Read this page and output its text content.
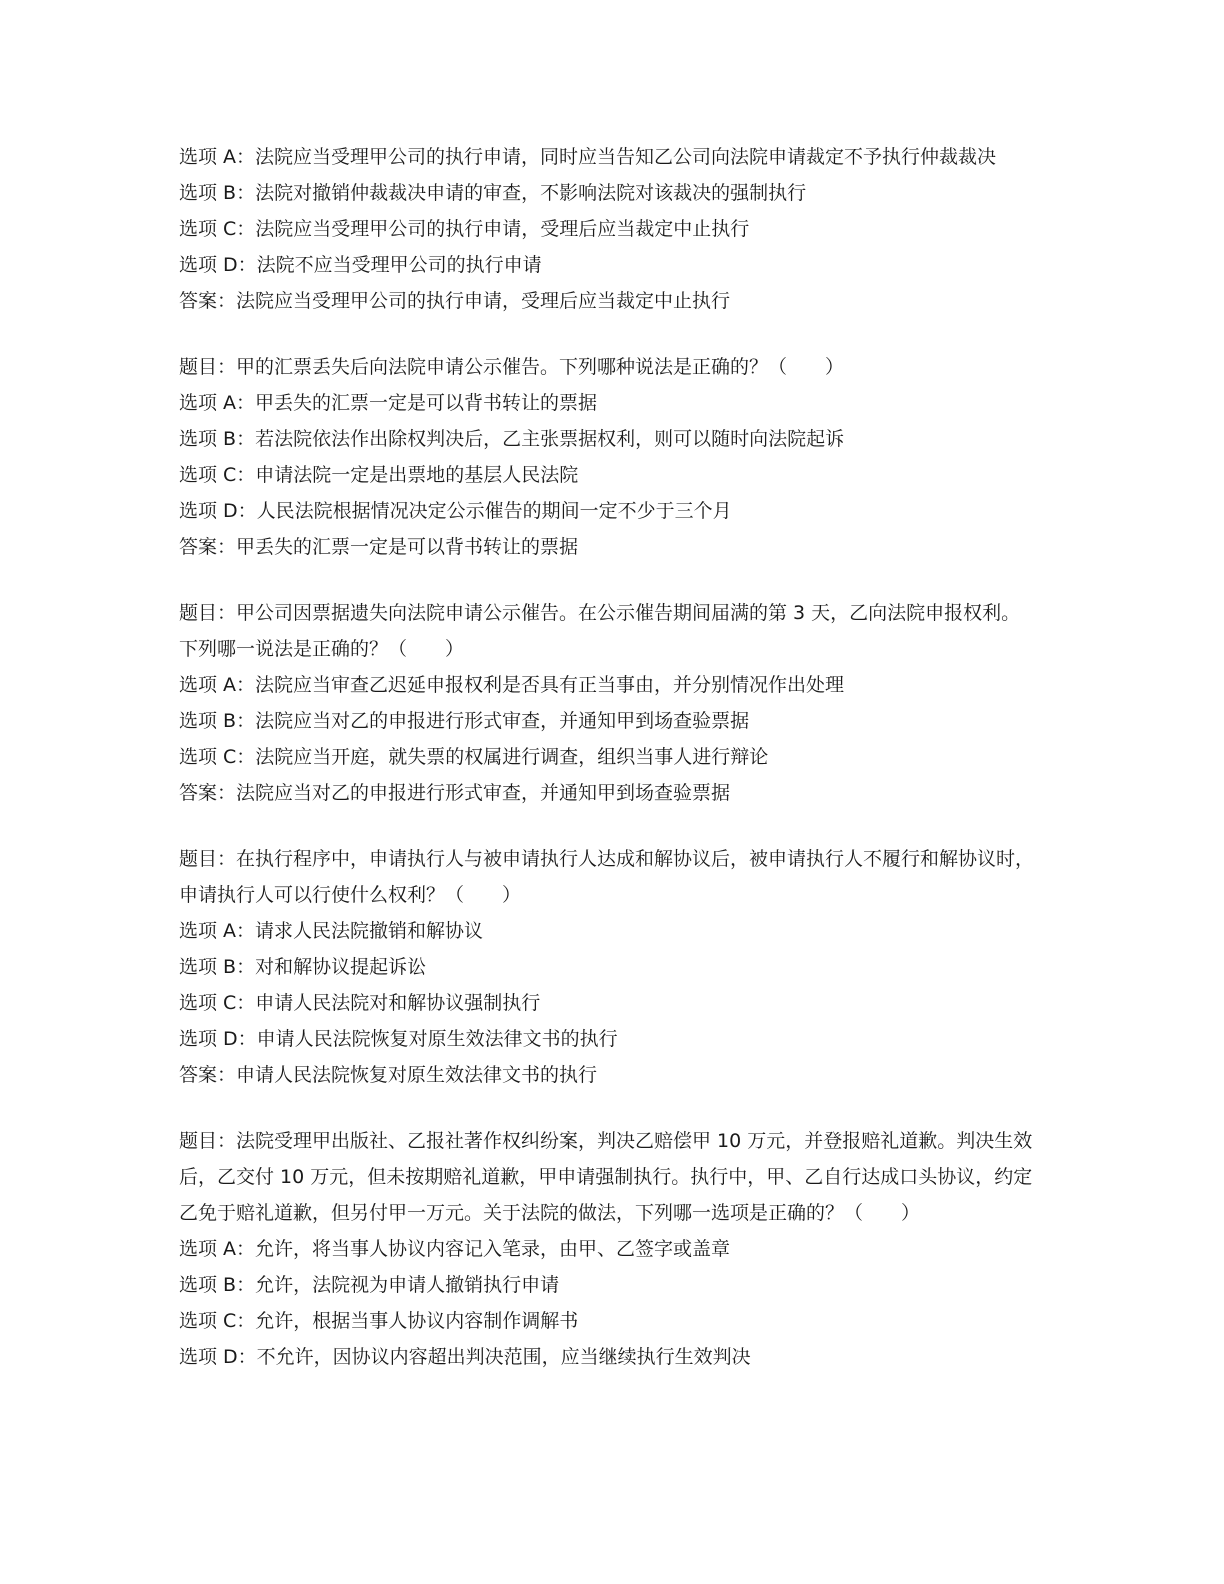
选项 A：法院应当受理甲公司的执行申请，同时应当告知乙公司向法院申请裁定不予执行仲裁裁决

选项 B：法院对撤销仲裁裁决申请的审查，不影响法院对该裁决的强制执行

选项 C：法院应当受理甲公司的执行申请，受理后应当裁定中止执行

选项 D：法院不应当受理甲公司的执行申请

答案：法院应当受理甲公司的执行申请，受理后应当裁定中止执行

题目：甲的汇票丢失后向法院申请公示催告。下列哪种说法是正确的？（　　）

选项 A：甲丢失的汇票一定是可以背书转让的票据

选项 B：若法院依法作出除权判决后，乙主张票据权利，则可以随时向法院起诉

选项 C：申请法院一定是出票地的基层人民法院

选项 D：人民法院根据情况决定公示催告的期间一定不少于三个月

答案：甲丢失的汇票一定是可以背书转让的票据

题目：甲公司因票据遗失向法院申请公示催告。在公示催告期间届满的第 3 天，乙向法院申报权利。下列哪一说法是正确的？（　　）

选项 A：法院应当审查乙迟延申报权利是否具有正当事由，并分别情况作出处理

选项 B：法院应当对乙的申报进行形式审查，并通知甲到场查验票据

选项 C：法院应当开庭，就失票的权属进行调查，组织当事人进行辩论

答案：法院应当对乙的申报进行形式审查，并通知甲到场查验票据

题目：在执行程序中，申请执行人与被申请执行人达成和解协议后，被申请执行人不履行和解协议时，申请执行人可以行使什么权利？（　　）

选项 A：请求人民法院撤销和解协议

选项 B：对和解协议提起诉讼

选项 C：申请人民法院对和解协议强制执行

选项 D：申请人民法院恢复对原生效法律文书的执行

答案：申请人民法院恢复对原生效法律文书的执行

题目：法院受理甲出版社、乙报社著作权纠纷案，判决乙赔偿甲 10 万元，并登报赔礼道歉。判决生效后，乙交付 10 万元，但未按期赔礼道歉，甲申请强制执行。执行中，甲、乙自行达成口头协议，约定乙免于赔礼道歉，但另付甲一万元。关于法院的做法，下列哪一选项是正确的？（　　）

选项 A：允许，将当事人协议内容记入笔录，由甲、乙签字或盖章

选项 B：允许，法院视为申请人撤销执行申请

选项 C：允许，根据当事人协议内容制作调解书

选项 D：不允许，因协议内容超出判决范围，应当继续执行生效判决
